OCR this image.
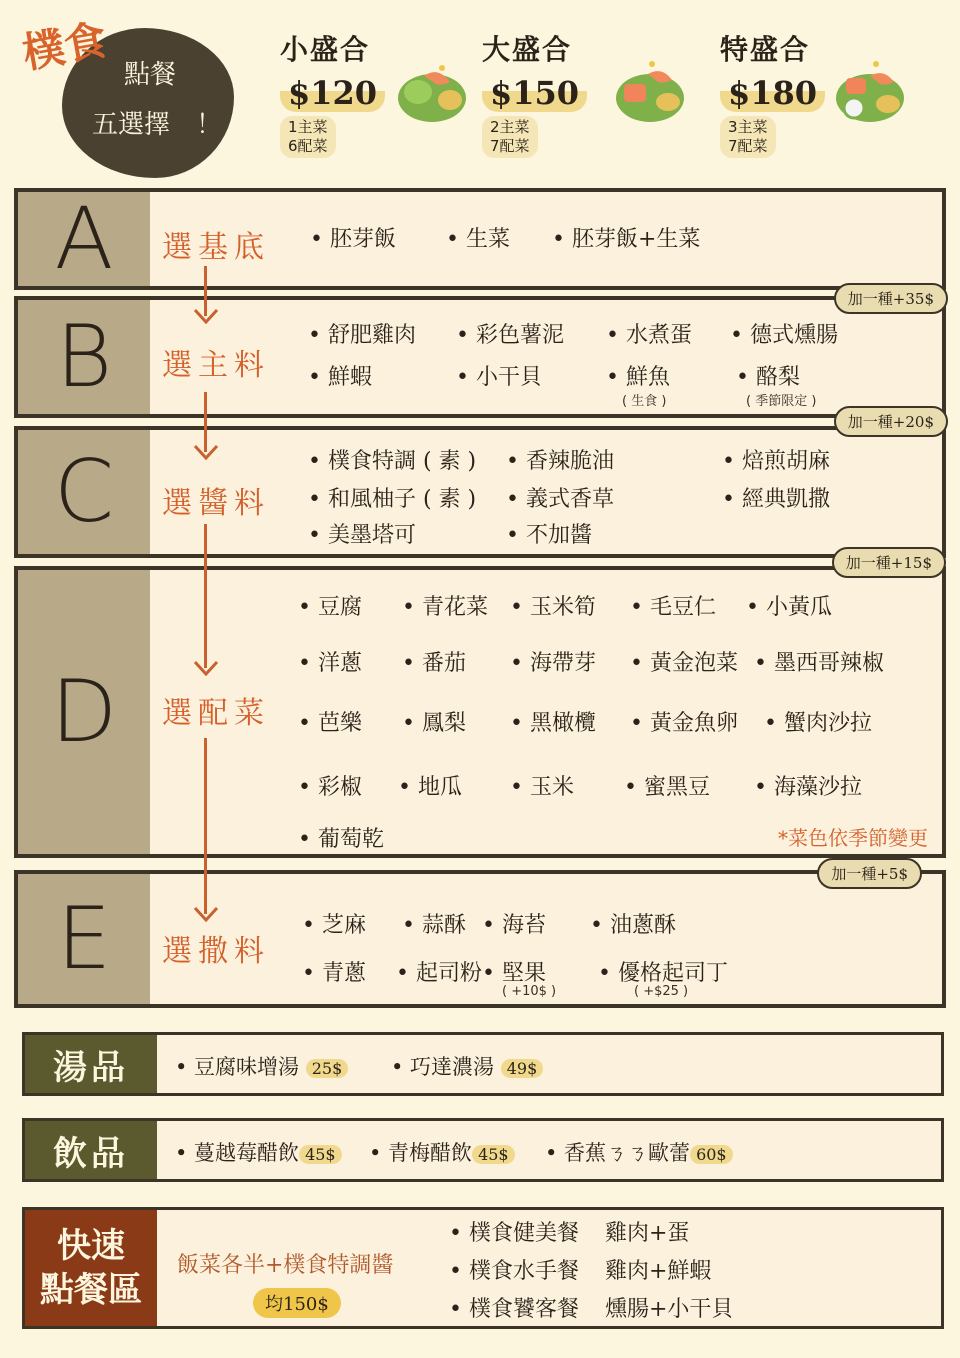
樸食 點餐
五選擇 ！
小盛合
$120
1主菜
6配菜
大盛合
$150
2主菜
7配菜
特盛合
$180
3主菜
7配菜
A	選基底 • 胚芽飯 • 生菜 • 胚芽飯+生菜
加一種+35$
B	選主料
• 舒肥雞肉 • 彩色薯泥 • 水煮蛋 • 德式燻腸
• 鮮蝦	• 小干貝	• 鮮魚	• 酪梨
( 生食 )	( 季節限定 )
加一種+20$
C	選醬料
• 樸食特調 ( 素 ) • 香辣脆油	• 焙煎胡麻
• 和風柚子 ( 素 ) • 義式香草	• 經典凱撒
• 美墨塔可	• 不加醬
加一種+15$
D	選配菜
• 豆腐 • 青花菜 • 玉米筍 • 毛豆仁 • 小黃瓜
• 洋蔥 • 番茄 • 海帶芽 • 黃金泡菜 • 墨西哥辣椒
• 芭樂 • 鳳梨 • 黑橄欖 • 黃金魚卵 • 蟹肉沙拉
• 彩椒 • 地瓜 • 玉米 • 蜜黑豆 • 海藻沙拉
• 葡萄乾	*菜色依季節變更
加一種+5$
E	選撒料
• 芝麻 • 蒜酥 • 海苔 • 油蔥酥
• 青蔥 • 起司粉 • 堅果 • 優格起司丁
( +10$ )	( +$25 )
湯品	• 豆腐味增湯 25$ • 巧達濃湯 49$
飲品	• 蔓越莓醋飲 45$ • 青梅醋飲 45$ • 香蕉ㄋㄋ歐蕾 60$
快速
點餐區
飯菜各半+樸食特調醬
均150$
• 樸食健美餐 雞肉+蛋
• 樸食水手餐 雞肉+鮮蝦
• 樸食饕客餐 燻腸+小干貝
